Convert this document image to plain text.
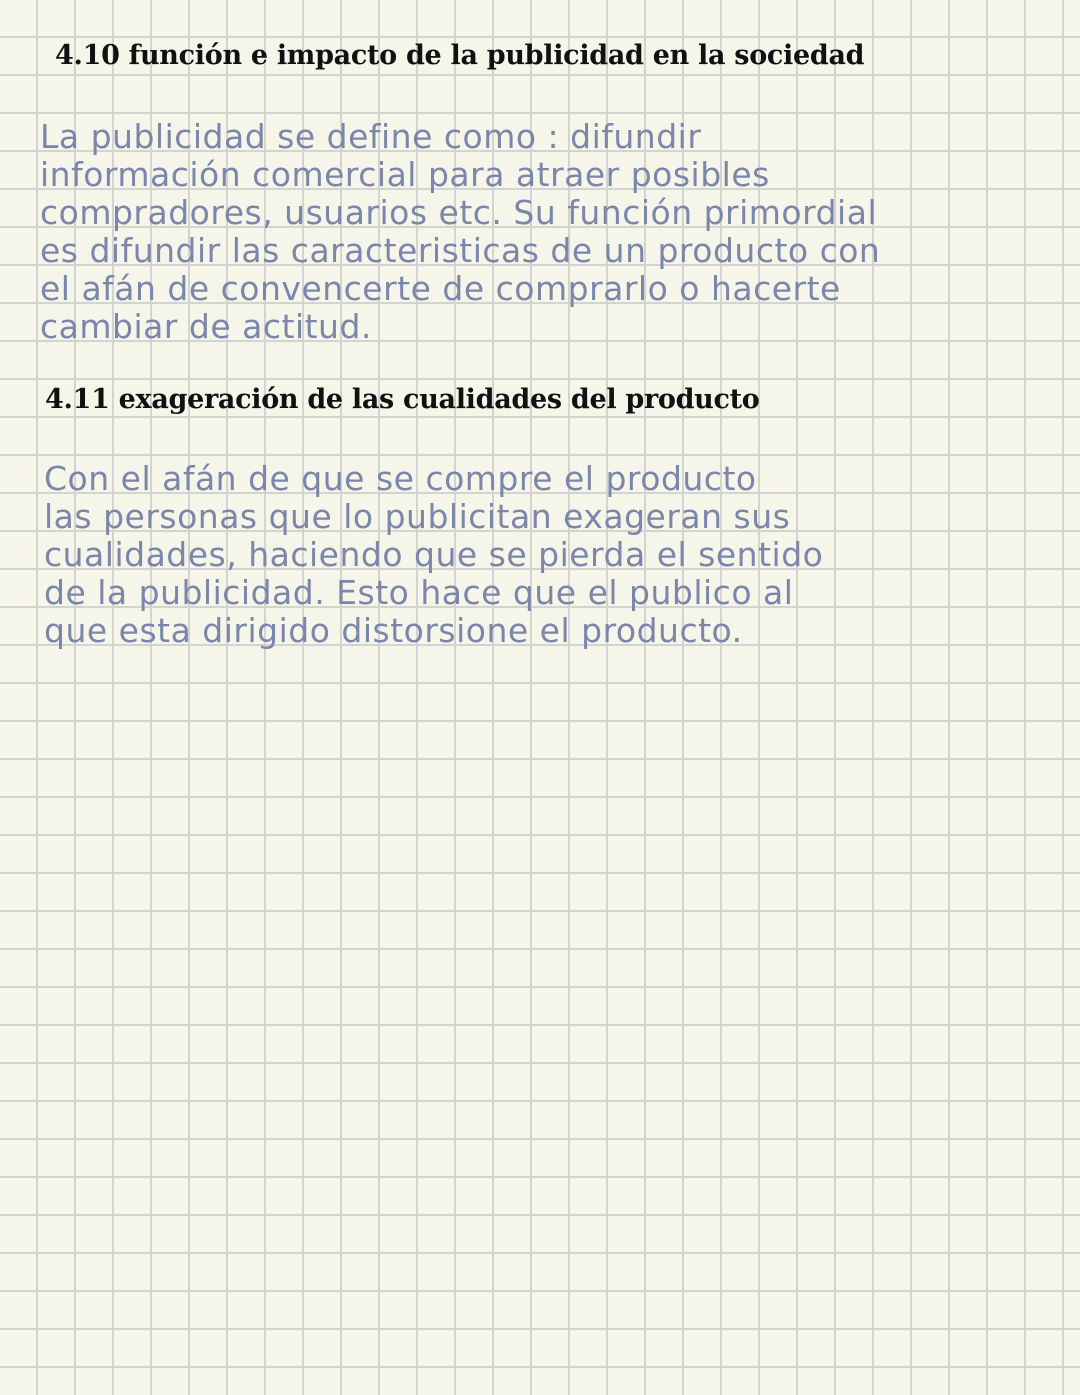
4.10 función e impacto de la publicidad en la sociedad
La publicidad se define como : difundir
información comercial para atraer posibles
compradores, usuarios etc. Su función primordial
es difundir las caracteristicas de un producto con
el afán de convencerte de comprarlo o hacerte
cambiar de actitud.
4.11 exageración de las cualidades del producto
Con el afán de que se compre el producto
las personas que lo publicitan exageran sus
cualidades, haciendo que se pierda el sentido
de la publicidad. Esto hace que el publico al
que esta dirigido distorsione el producto.
